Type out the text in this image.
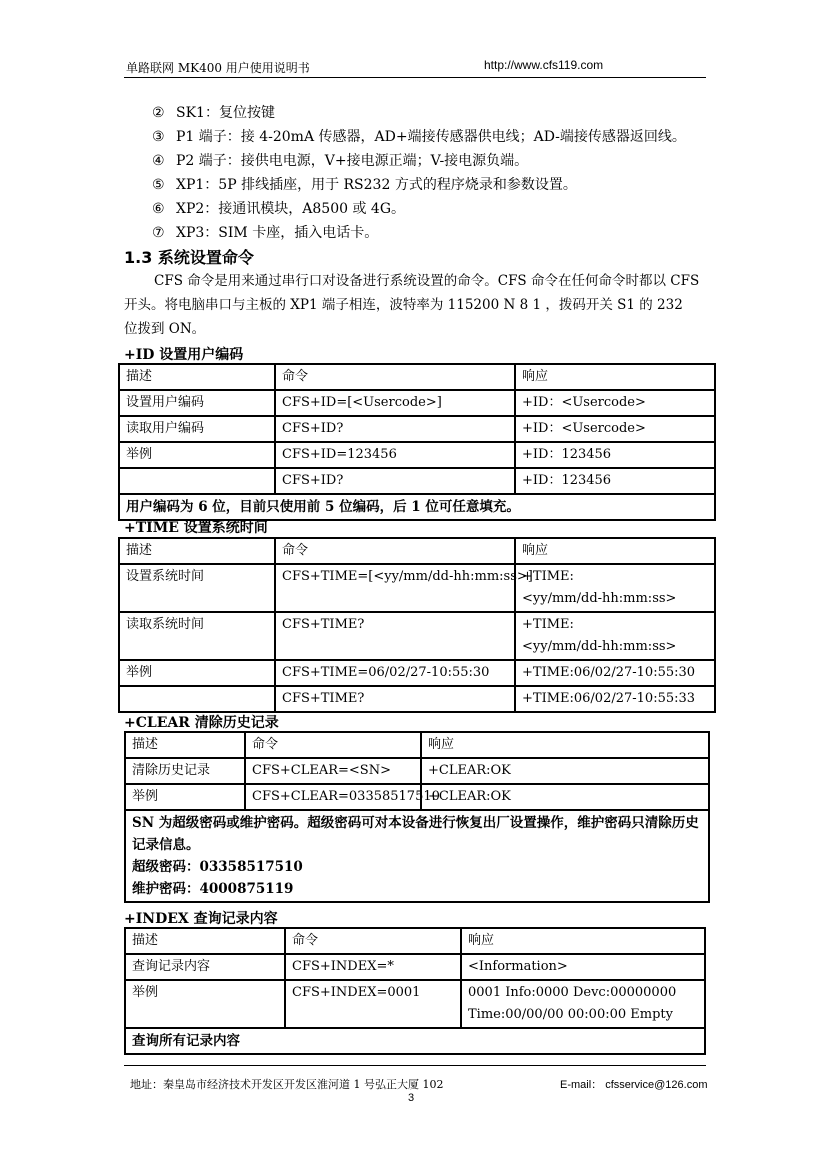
单路联网 MK400 用户使用说明书	http://www.cfs119.com
② SK1：复位按键
③ P1 端子：接 4-20mA 传感器，AD+端接传感器供电线；AD-端接传感器返回线。
④ P2 端子：接供电电源，V+接电源正端；V-接电源负端。
⑤ XP1：5P 排线插座，用于 RS232 方式的程序烧录和参数设置。
⑥ XP2：接通讯模块，A8500 或 4G。
⑦ XP3：SIM 卡座，插入电话卡。
1.3 系统设置命令
CFS 命令是用来通过串行口对设备进行系统设置的命令。CFS 命令在任何命令时都以 CFS
开头。将电脑串口与主板的 XP1 端子相连，波特率为 115200 N 8 1 ，拨码开关 S1 的 232
位拨到 ON。
+ID 设置用户编码
描述	命令	响应
设置用户编码	CFS+ID=[<Usercode>]	+ID：<Usercode>
读取用户编码	CFS+ID?	+ID：<Usercode>
举例	CFS+ID=123456	+ID：123456
	CFS+ID?	+ID：123456
用户编码为 6 位，目前只使用前 5 位编码，后 1 位可任意填充。		
+TIME 设置系统时间
描述	命令	响应
设置系统时间	CFS+TIME=[<yy/mm/dd-hh:mm:ss>]	+TIME:
<yy/mm/dd-hh:mm:ss>

读取系统时间	CFS+TIME?	+TIME:
<yy/mm/dd-hh:mm:ss>

举例	CFS+TIME=06/02/27-10:55:30	+TIME:06/02/27-10:55:30
	CFS+TIME?	+TIME:06/02/27-10:55:33
+CLEAR 清除历史记录
描述	命令	响应
清除历史记录	CFS+CLEAR=<SN>	+CLEAR:OK
举例	CFS+CLEAR=03358517510	+CLEAR:OK

SN 为超级密码或维护密码。超级密码可对本设备进行恢复出厂设置操作，维护密码只清除历史记录信息。
超级密码：03358517510
维护密码：4000875119		
+INDEX 查询记录内容
描述	命令	响应
查询记录内容	CFS+INDEX=*	<Information>
举例	CFS+INDEX=0001	0001 Info:0000 Devc:00000000
Time:00/00/00 00:00:00 Empty

查询所有记录内容		
地址：秦皇岛市经济技术开发区开发区淮河道 1 号弘正大厦 102	E-mail： cfsservice@126.com
3
